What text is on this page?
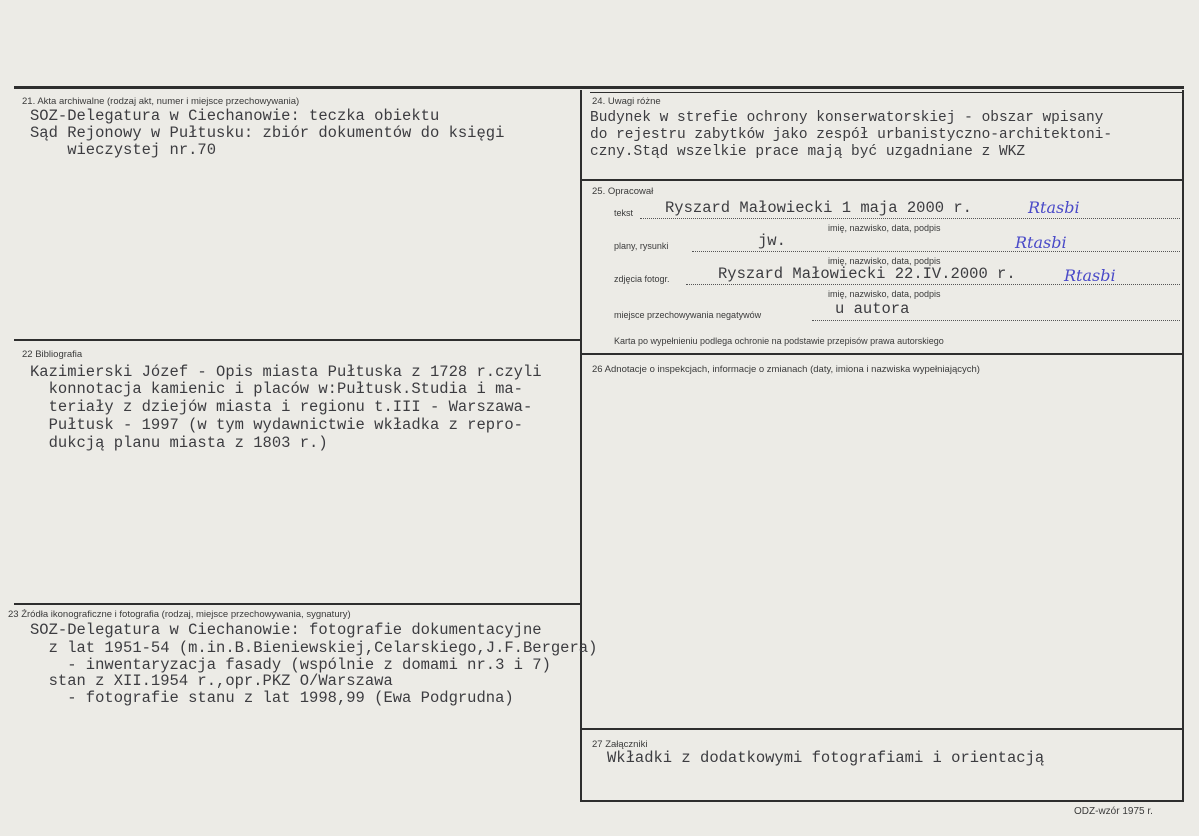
21. Akta archiwalne (rodzaj akt, numer i miejsce przechowywania)
SOZ-Delegatura w Ciechanowie: teczka obiektu
Sąd Rejonowy w Pułtusku: zbiór dokumentów do księgi
wieczystej nr.70
22 Bibliografia
Kazimierski Józef - Opis miasta Pułtuska z 1728 r.czyli
konnotacja kamienic i placów w:Pułtusk.Studia i ma-
teriały z dziejów miasta i regionu t.III - Warszawa-
Pułtusk - 1997 (w tym wydawnictwie wkładka z repro-
dukcją planu miasta z 1803 r.)
23 Źródła ikonograficzne i fotografia (rodzaj, miejsce przechowywania, sygnatury)
SOZ-Delegatura w Ciechanowie: fotografie dokumentacyjne
z lat 1951-54 (m.in.B.Bieniewskiej,Celarskiego,J.F.Bergera)
- inwentaryzacja fasady (wspólnie z domami nr.3 i 7)
stan z XII.1954 r.,opr.PKZ O/Warszawa
- fotografie stanu z lat 1998,99 (Ewa Podgrudna)
24. Uwagi różne
Budynek w strefie ochrony konserwatorskiej - obszar wpisany
do rejestru zabytków jako zespół urbanistyczno-architektoni-
czny.Stąd wszelkie prace mają być uzgadniane z WKZ
25. Opracował
tekst Ryszard Małowiecki 1 maja 2000 r.	Rtasbi
imię, nazwisko, data, podpis
plany, rysunki	jw.	Rtasbi
imię, nazwisko, data, podpis
zdjęcia fotogr.	Ryszard Małowiecki 22.IV.2000 r.	Rtasbi
imię, nazwisko, data, podpis
miejsce przechowywania negatywów	u autora
Karta po wypełnieniu podlega ochronie na podstawie przepisów prawa autorskiego
26 Adnotacje o inspekcjach, informacje o zmianach (daty, imiona i nazwiska wypełniających)
27 Załączniki
Wkładki z dodatkowymi fotografiami i orientacją
ODZ-wzór 1975 r.
